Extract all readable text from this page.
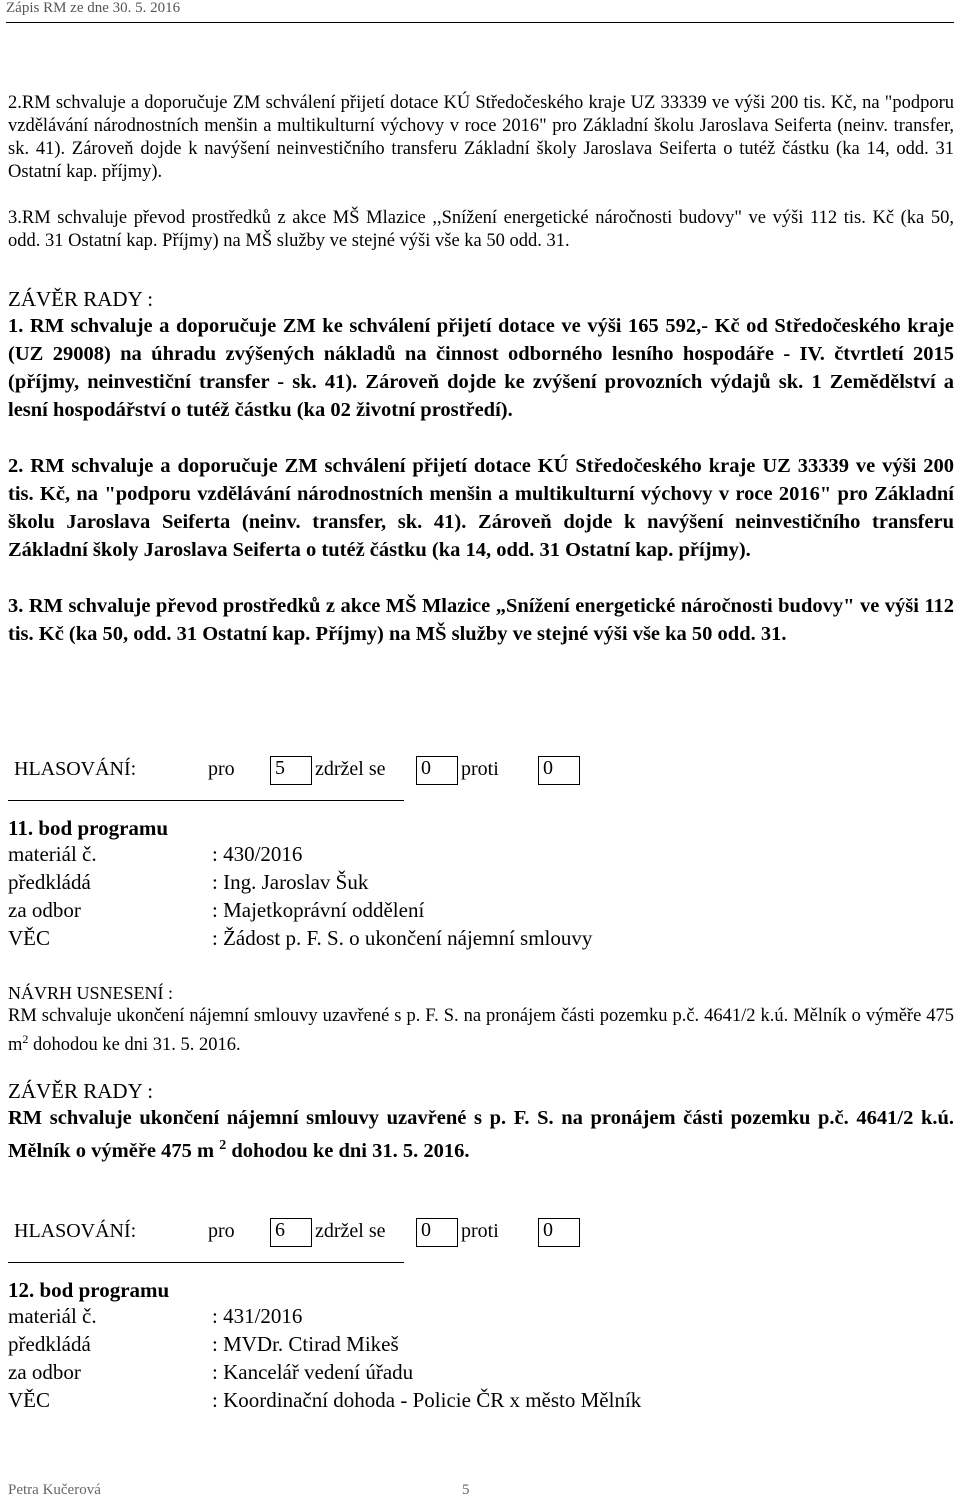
Zápis RM ze dne 30. 5. 2016

2.RM schvaluje a doporučuje ZM schválení přijetí dotace KÚ Středočeského kraje UZ 33339 ve výši 200 tis. Kč, na "podporu vzdělávání národnostních menšin a multikulturní výchovy v roce 2016" pro Základní školu Jaroslava Seiferta (neinv. transfer, sk. 41). Zároveň dojde k navýšení neinvestičního transferu Základní školy Jaroslava Seiferta o tutéž částku (ka 14, odd. 31 Ostatní kap. příjmy).

3.RM schvaluje převod prostředků z akce MŠ Mlazice ,,Snížení energetické náročnosti budovy" ve výši 112 tis. Kč (ka 50, odd. 31 Ostatní kap. Příjmy) na MŠ služby ve stejné výši vše ka 50 odd. 31.

ZÁVĚR RADY :

1. RM schvaluje a doporučuje ZM ke schválení přijetí dotace ve výši 165 592,- Kč od Středočeského kraje (UZ 29008) na úhradu zvýšených nákladů na činnost odborného lesního hospodáře - IV. čtvrtletí 2015 (příjmy, neinvestiční transfer - sk. 41). Zároveň dojde ke zvýšení provozních výdajů sk. 1 Zemědělství a lesní hospodářství o tutéž částku (ka 02 životní prostředí).

2. RM schvaluje a doporučuje ZM schválení přijetí dotace KÚ Středočeského kraje UZ 33339 ve výši 200 tis. Kč, na "podporu vzdělávání národnostních menšin a multikulturní výchovy v roce 2016" pro Základní školu Jaroslava Seiferta (neinv. transfer, sk. 41). Zároveň dojde k navýšení neinvestičního transferu Základní školy Jaroslava Seiferta o tutéž částku (ka 14, odd. 31 Ostatní kap. příjmy).

3. RM schvaluje převod prostředků z akce MŠ Mlazice „Snížení energetické náročnosti budovy" ve výši 112 tis. Kč (ka 50, odd. 31 Ostatní kap. Příjmy) na MŠ služby ve stejné výši vše ka 50 odd. 31.

HLASOVÁNÍ:	pro 5	zdržel se 0	proti 0
11. bod programu
materiál č.	: 430/2016
předkládá	: Ing. Jaroslav Šuk
za odbor	: Majetkoprávní oddělení
VĚC	: Žádost p. F. S. o ukončení nájemní smlouvy

NÁVRH USNESENÍ :

RM schvaluje ukončení nájemní smlouvy uzavřené s p. F. S. na pronájem části pozemku p.č. 4641/2 k.ú. Mělník o výměře 475 $m^2$ dohodou ke dni 31. 5. 2016.

ZÁVĚR RADY :

RM schvaluje ukončení nájemní smlouvy uzavřené s p. F. S. na pronájem části pozemku p.č. 4641/2 k.ú. Mělník o výměře 475 m $^2$ dohodou ke dni 31. 5. 2016.

HLASOVÁNÍ:	pro 6	zdržel se 0	proti 0
12. bod programu
materiál č.	: 431/2016
předkládá	: MVDr. Ctirad Mikeš
za odbor	: Kancelář vedení úřadu
VĚC	: Koordinační dohoda - Policie ČR x město Mělník
Petra Kučerová	5
